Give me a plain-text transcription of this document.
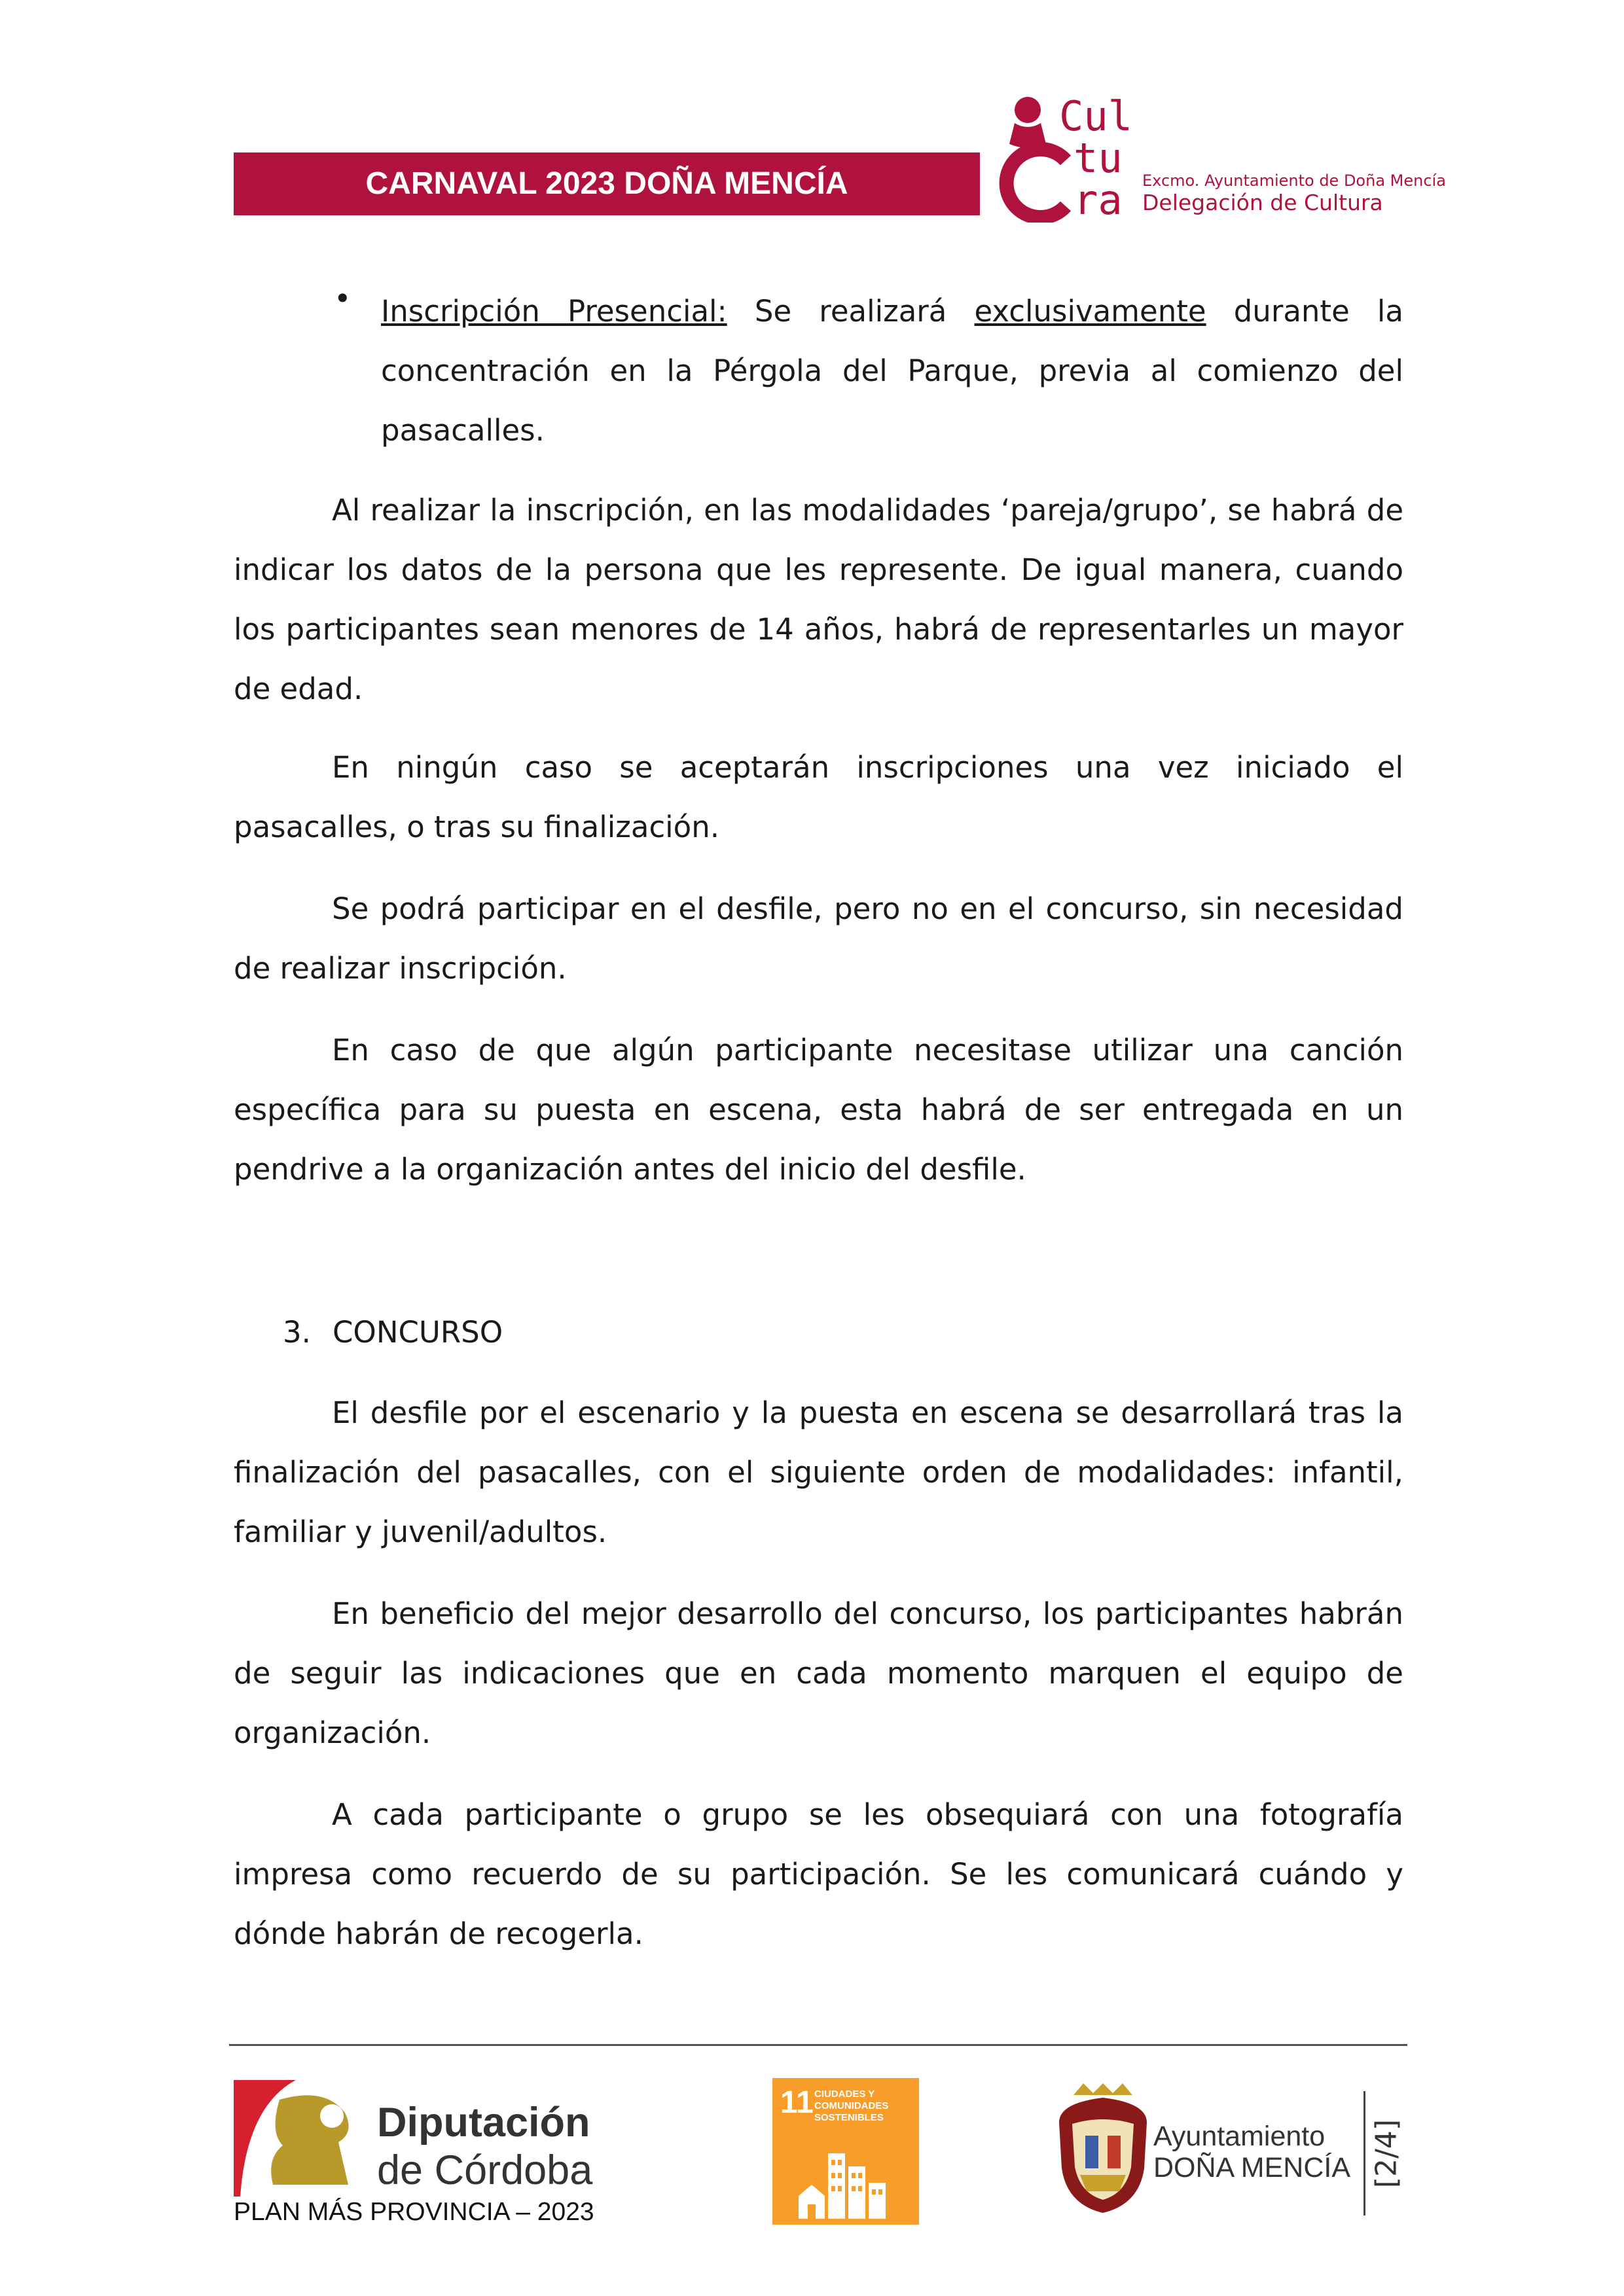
CARNAVAL 2023 DOÑA MENCÍA
Cul
tu
ra Excmo. Ayuntamiento de Doña Mencía
Delegación de Cultura
• Inscripción Presencial: Se realizará exclusivamente durante la concentración en la Pérgola del Parque, previa al comienzo del pasacalles.
Al realizar la inscripción, en las modalidades ‘pareja/grupo’, se habrá de indicar los datos de la persona que les represente. De igual manera, cuando los participantes sean menores de 14 años, habrá de representarles un mayor de edad.
En ningún caso se aceptarán inscripciones una vez iniciado el pasacalles, o tras su finalización.
Se podrá participar en el desfile, pero no en el concurso, sin necesidad de realizar inscripción.
En caso de que algún participante necesitase utilizar una canción específica para su puesta en escena, esta habrá de ser entregada en un pendrive a la organización antes del inicio del desfile.
3. CONCURSO
El desfile por el escenario y la puesta en escena se desarrollará tras la finalización del pasacalles, con el siguiente orden de modalidades: infantil, familiar y juvenil/adultos.
En beneficio del mejor desarrollo del concurso, los participantes habrán de seguir las indicaciones que en cada momento marquen el equipo de organización.
A cada participante o grupo se les obsequiará con una fotografía impresa como recuerdo de su participación. Se les comunicará cuándo y dónde habrán de recogerla.
Diputación
de Córdoba
PLAN MÁS PROVINCIA – 2023
11 CIUDADES Y COMUNIDADES SOSTENIBLES
Ayuntamiento
DOÑA MENCÍA [2/4]
